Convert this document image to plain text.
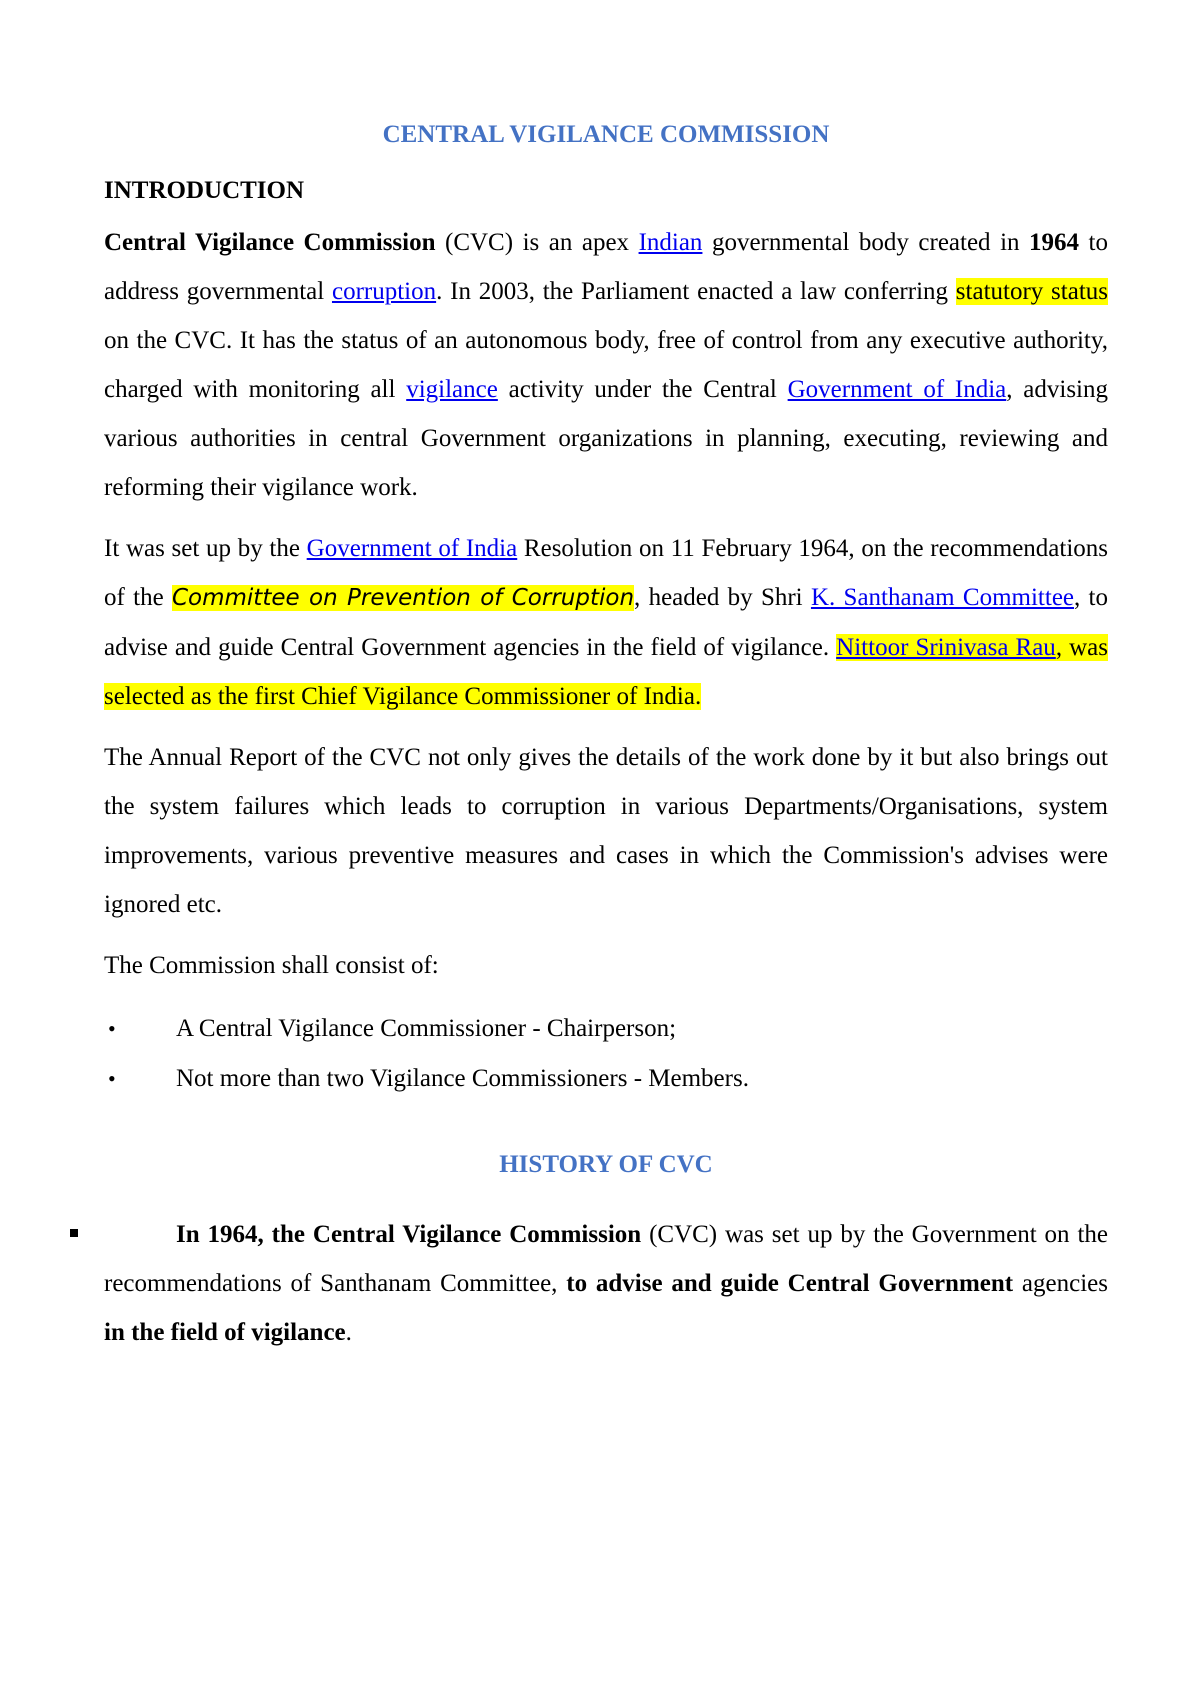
CENTRAL VIGILANCE COMMISSION
INTRODUCTION

Central Vigilance Commission (CVC) is an apex Indian governmental body created in 1964 to address governmental corruption. In 2003, the Parliament enacted a law conferring statutory status on the CVC. It has the status of an autonomous body, free of control from any executive authority, charged with monitoring all vigilance activity under the Central Government of India, advising various authorities in central Government organizations in planning, executing, reviewing and reforming their vigilance work.

It was set up by the Government of India Resolution on 11 February 1964, on the recommendations of the Committee on Prevention of Corruption, headed by Shri K. Santhanam Committee, to advise and guide Central Government agencies in the field of vigilance. Nittoor Srinivasa Rau, was selected as the first Chief Vigilance Commissioner of India.

The Annual Report of the CVC not only gives the details of the work done by it but also brings out the system failures which leads to corruption in various Departments/Organisations, system improvements, various preventive measures and cases in which the Commission's advises were ignored etc.

The Commission shall consist of:

• A Central Vigilance Commissioner - Chairperson;
• Not more than two Vigilance Commissioners - Members.
HISTORY OF CVC

In 1964, the Central Vigilance Commission (CVC) was set up by the Government on the recommendations of Santhanam Committee, to advise and guide Central Government agencies in the field of vigilance.
